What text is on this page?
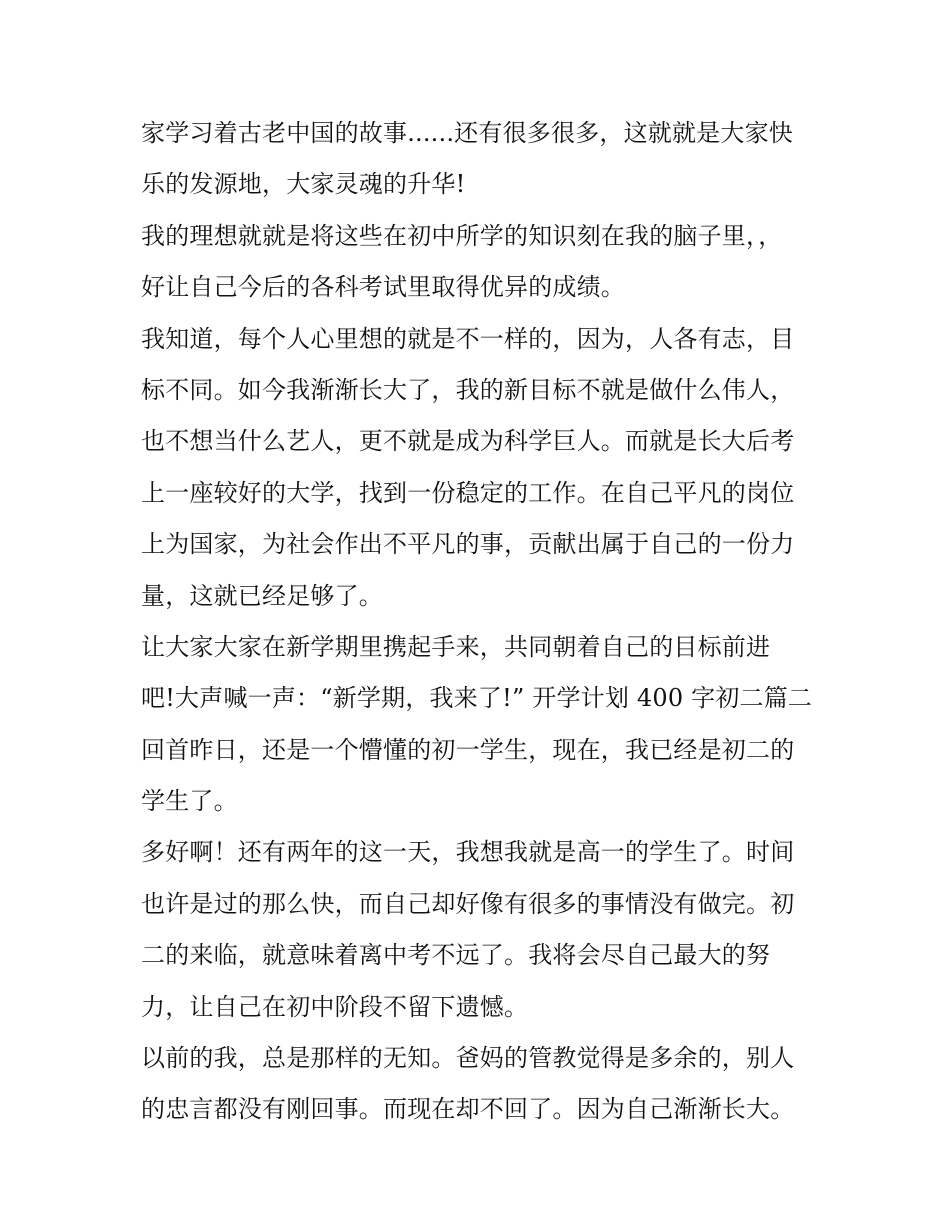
家学习着古老中国的故事......还有很多很多，这就就是大家快
乐的发源地，大家灵魂的升华!
我的理想就就是将这些在初中所学的知识刻在我的脑子里，，
好让自己今后的各科考试里取得优异的成绩。
我知道，每个人心里想的就是不一样的，因为，人各有志，目
标不同。如今我渐渐长大了，我的新目标不就是做什么伟人，
也不想当什么艺人，更不就是成为科学巨人。而就是长大后考
上一座较好的大学，找到一份稳定的工作。在自己平凡的岗位
上为国家，为社会作出不平凡的事，贡献出属于自己的一份力
量，这就已经足够了。
让大家大家在新学期里携起手来，共同朝着自己的目标前进
吧!大声喊一声：“新学期，我来了!” 开学计划 400 字初二篇二
回首昨日，还是一个懵懂的初一学生，现在，我已经是初二的
学生了。
多好啊！还有两年的这一天，我想我就是高一的学生了。时间
也许是过的那么快，而自己却好像有很多的事情没有做完。初
二的来临，就意味着离中考不远了。我将会尽自己最大的努
力，让自己在初中阶段不留下遗憾。
以前的我，总是那样的无知。爸妈的管教觉得是多余的，别人
的忠言都没有刚回事。而现在却不回了。因为自己渐渐长大。
